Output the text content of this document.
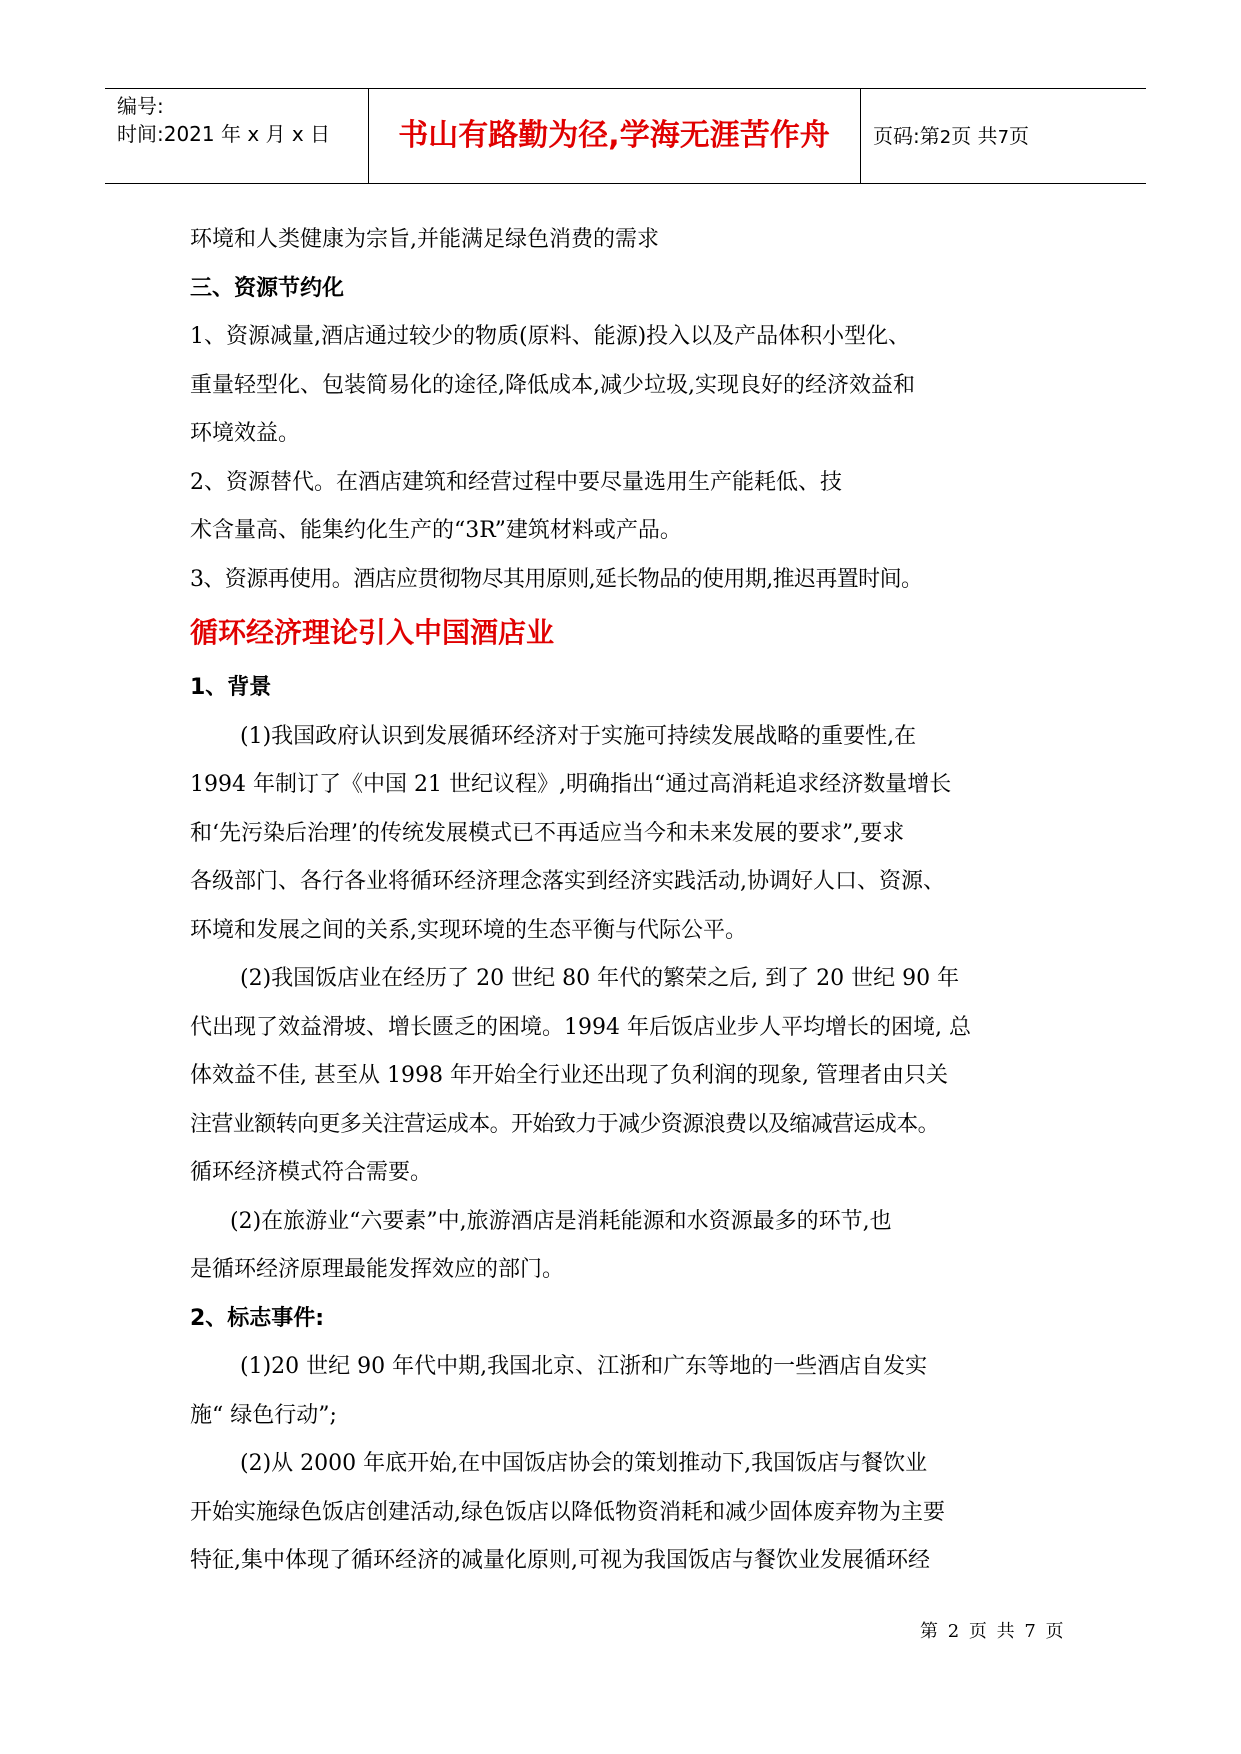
编号:
时间:2021 年 x 月 x 日	书山有路勤为径,学海无涯苦作舟	页码:第2页 共7页

环境和人类健康为宗旨,并能满足绿色消费的需求

三、资源节约化

1、资源减量,酒店通过较少的物质(原料、能源)投入以及产品体积小型化、

重量轻型化、包装简易化的途径,降低成本,减少垃圾,实现良好的经济效益和

环境效益。

2、资源替代。在酒店建筑和经营过程中要尽量选用生产能耗低、技

术含量高、能集约化生产的“3R”建筑材料或产品。

3、资源再使用。酒店应贯彻物尽其用原则,延长物品的使用期,推迟再置时间。

循环经济理论引入中国酒店业

1、背景

(1)我国政府认识到发展循环经济对于实施可持续发展战略的重要性,在

1994 年制订了《中国 21 世纪议程》,明确指出“通过高消耗追求经济数量增长

和‘先污染后治理’的传统发展模式已不再适应当今和未来发展的要求”,要求

各级部门、各行各业将循环经济理念落实到经济实践活动,协调好人口、资源、

环境和发展之间的关系,实现环境的生态平衡与代际公平。

(2)我国饭店业在经历了 20 世纪 80 年代的繁荣之后, 到了 20 世纪 90 年

代出现了效益滑坡、增长匮乏的困境。1994 年后饭店业步人平均增长的困境, 总

体效益不佳, 甚至从 1998 年开始全行业还出现了负利润的现象, 管理者由只关

注营业额转向更多关注营运成本。开始致力于减少资源浪费以及缩减营运成本。

循环经济模式符合需要。

(2)在旅游业“六要素”中,旅游酒店是消耗能源和水资源最多的环节,也

是循环经济原理最能发挥效应的部门。

2、标志事件:

(1)20 世纪 90 年代中期,我国北京、江浙和广东等地的一些酒店自发实

施“ 绿色行动”;

(2)从 2000 年底开始,在中国饭店协会的策划推动下,我国饭店与餐饮业

开始实施绿色饭店创建活动,绿色饭店以降低物资消耗和减少固体废弃物为主要

特征,集中体现了循环经济的减量化原则,可视为我国饭店与餐饮业发展循环经

第 2 页 共 7 页
